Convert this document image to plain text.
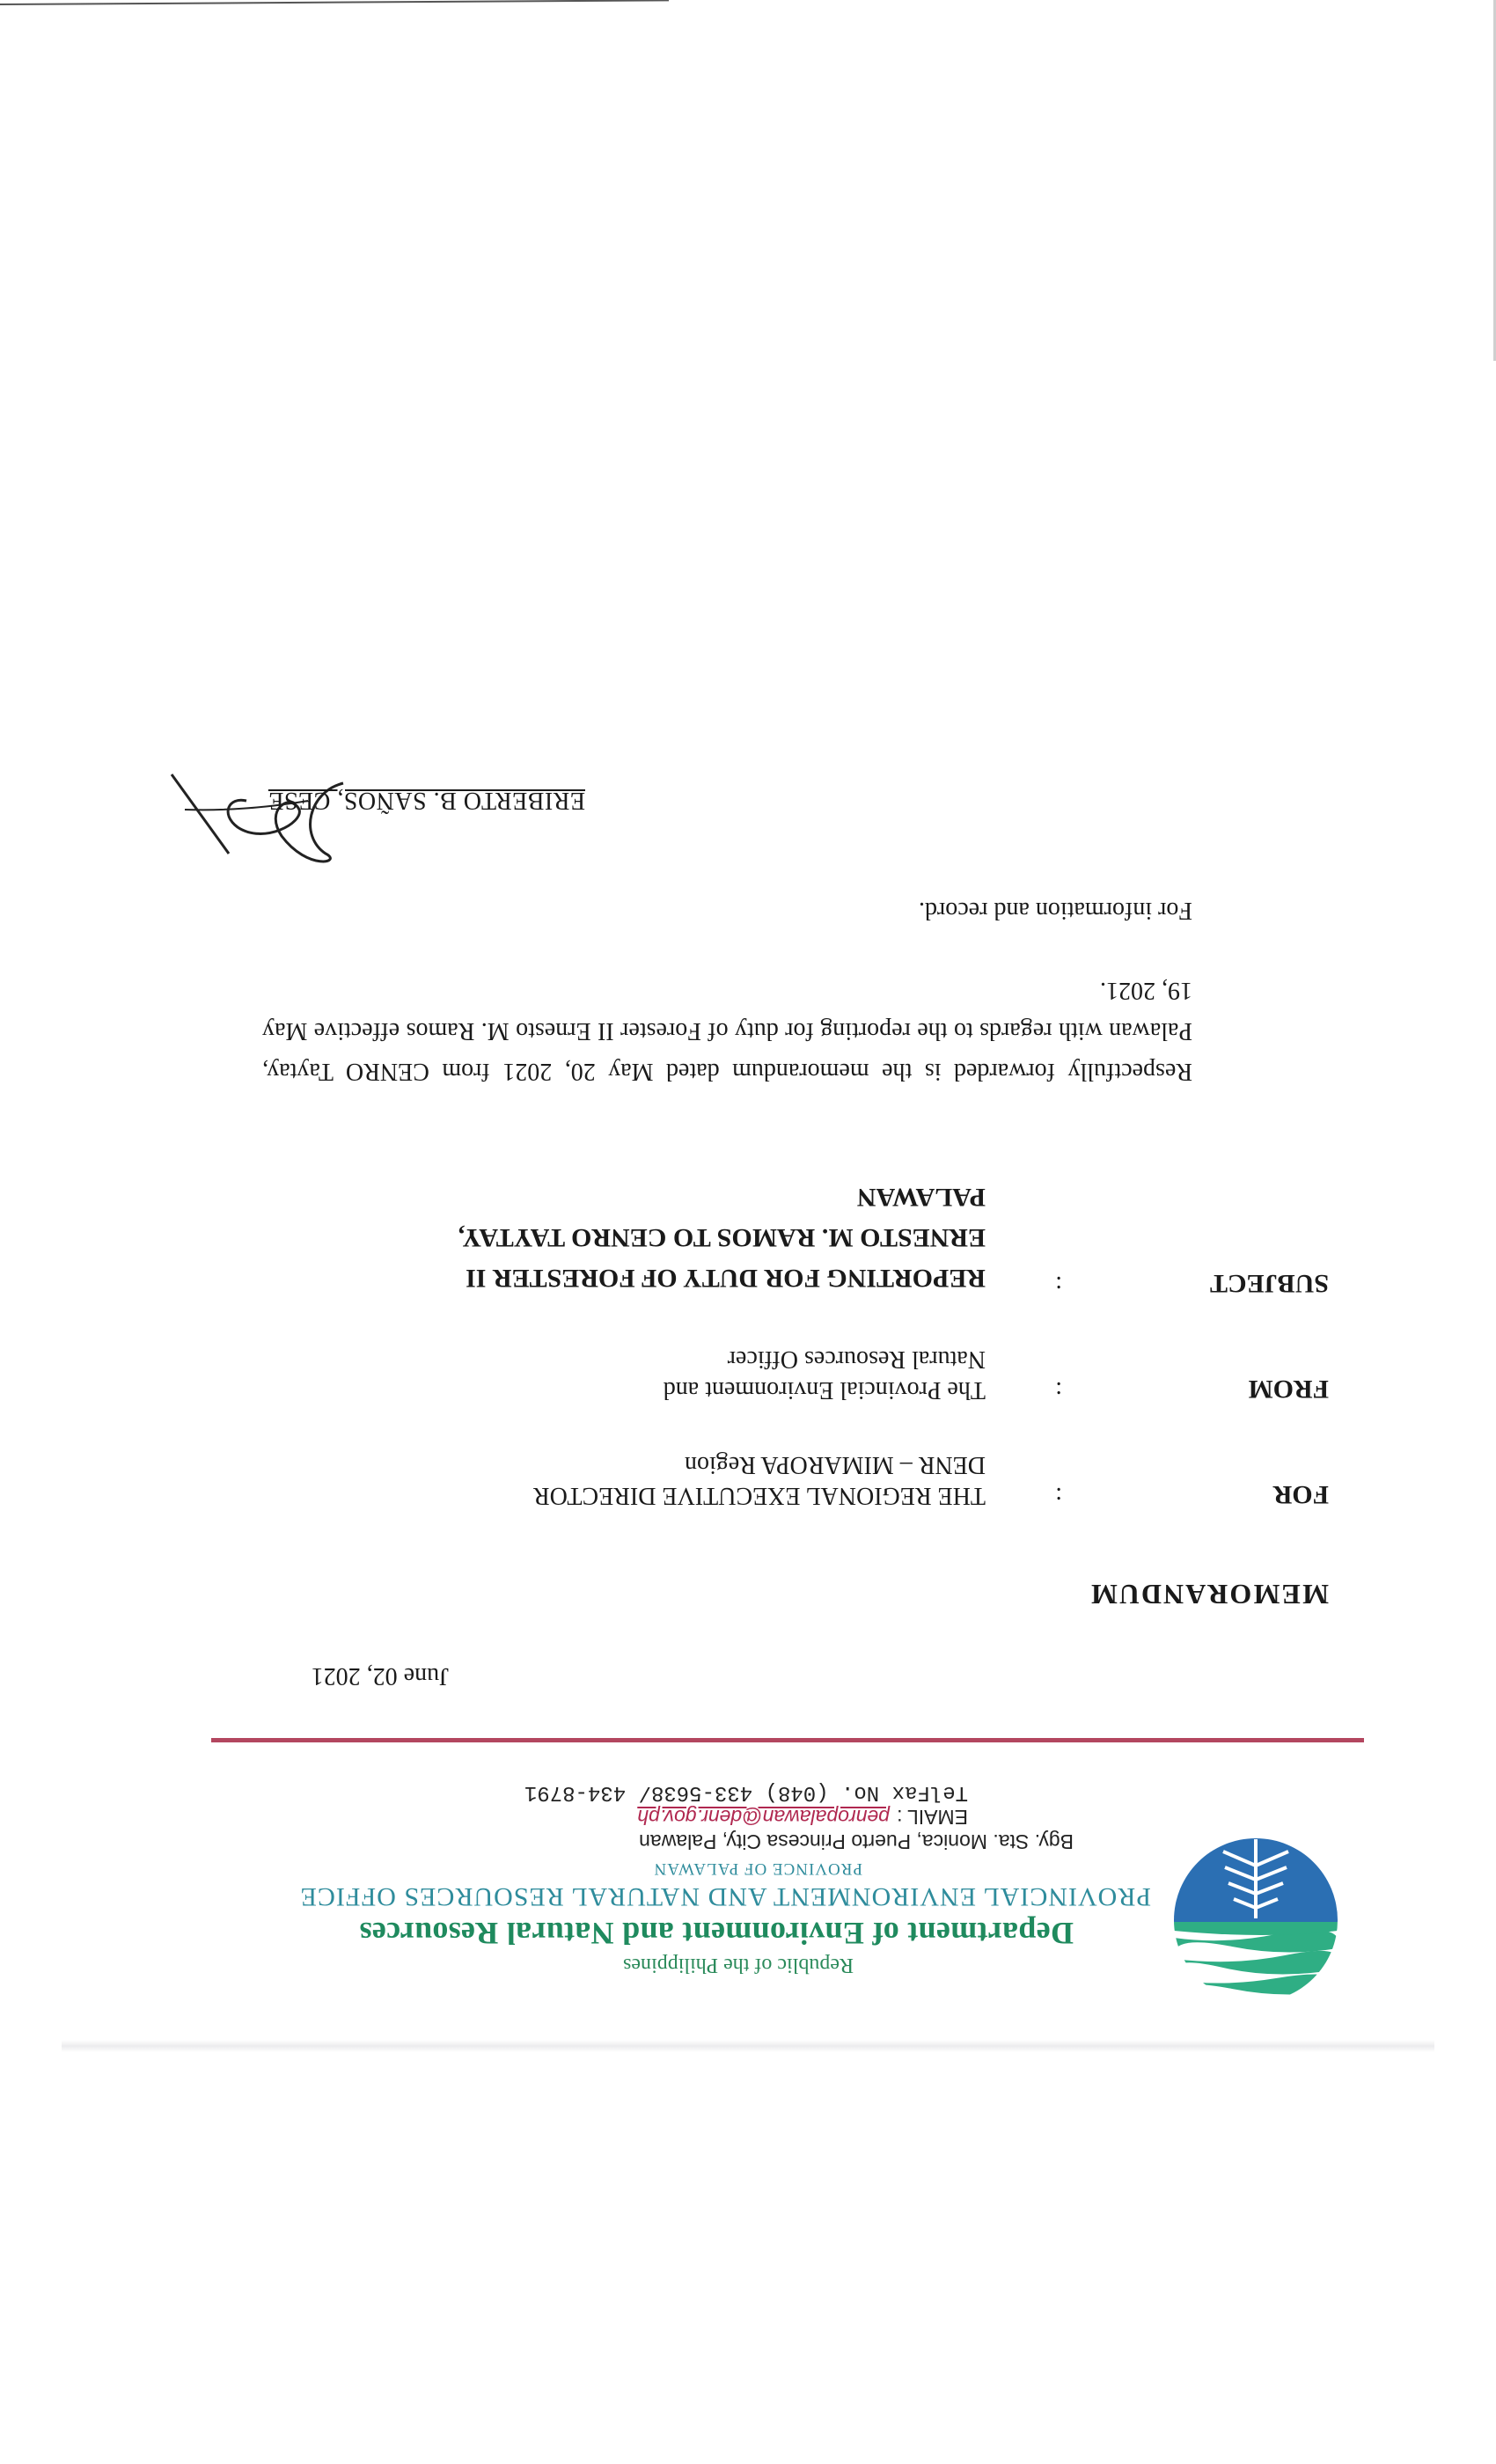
Republic of the Philippines
Department of Environment and Natural Resources
PROVINCIAL ENVIRONMENT AND NATURAL RESOURCES OFFICE
PROVINCE OF PALAWAN
Bgy. Sta. Monica, Puerto Princesa City, Palawan
EMAIL :penropalawan@denr.gov.ph
TelFax No. (048) 433-5638/ 434-8791
June 02, 2021
MEMORANDUM
FOR
:
THE REGIONAL EXECUTIVE DIRECTOR
DENR – MIMAROPA Region
FROM
:
The Provincial Environment and
Natural Resources Officer
SUBJECT
:
REPORTING FOR DUTY OF FORESTER II ERNESTO M. RAMOS TO CENRO TAYTAY, PALAWAN
Respectfully forwarded is the memorandum dated May 20, 2021 from CENRO Taytay, Palawan with regards to the reporting for duty of Forester II Ernesto M. Ramos effective May 19, 2021.
For information and record.
ERIBERTO B. SAÑOS, CESE
